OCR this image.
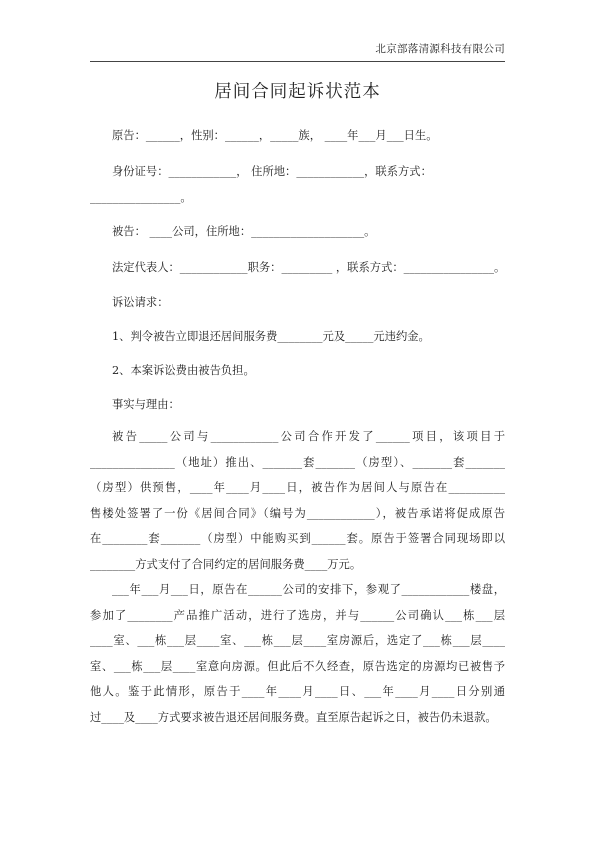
北京部落清源科技有限公司
居间合同起诉状范本
原告：______，性别：______，_____族， ____年___月___日生。
身份证号：____________， 住所地：____________，联系方式：
________________。
被告： ____公司，住所地：____________________。
法定代表人：____________职务：_________ ，联系方式：________________。
诉讼请求：
1、判令被告立即退还居间服务费________元及_____元违约金。
2、本案诉讼费由被告负担。
事实与理由：
被告_____公司与____________公司合作开发了______项目，该项目于
_______________（地址）推出、_______套_______（房型）、_______套_______
（房型）供预售，____年____月____日，被告作为居间人与原告在__________
售楼处签署了一份《居间合同》（编号为____________），被告承诺将促成原告
在________套_______（房型）中能购买到______套。原告于签署合同现场即以
________方式支付了合同约定的居间服务费____万元。
___年___月___日，原告在______公司的安排下，参观了____________楼盘，
参加了________产品推广活动，进行了选房，并与______公司确认___栋___层
____室、___栋___层____室、___栋___层____室房源后，选定了___栋___层____
室、___栋___层____室意向房源。但此后不久经查，原告选定的房源均已被售予
他人。鉴于此情形，原告于____年____月____日、___年____月____日分别通
过____及____方式要求被告退还居间服务费。直至原告起诉之日，被告仍未退款。
